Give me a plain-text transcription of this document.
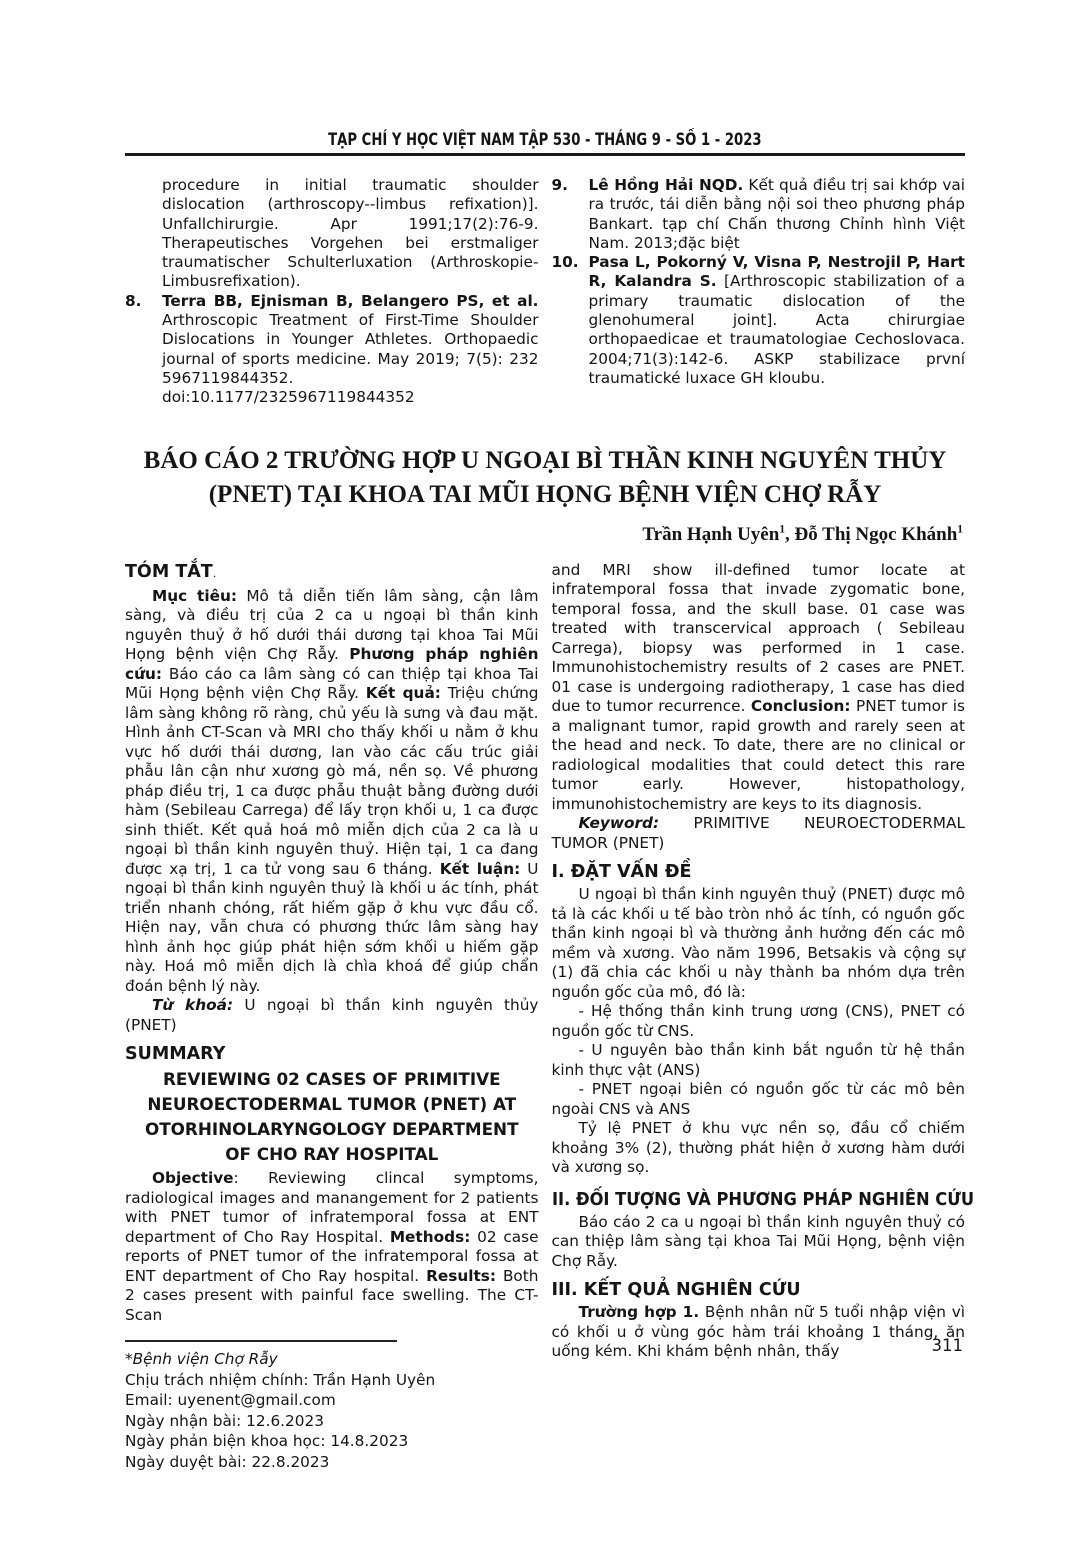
TẠP CHÍ Y HỌC VIỆT NAM TẬP 530 - THÁNG 9 - SỐ 1 - 2023
procedure in initial traumatic shoulder dislocation (arthroscopy--limbus refixation)]. Unfallchirurgie. Apr 1991;17(2):76-9. Therapeutisches Vorgehen bei erstmaliger traumatischer Schulterluxation (Arthroskopie-Limbusrefixation).
8.	Terra BB, Ejnisman B, Belangero PS, et al. Arthroscopic Treatment of First-Time Shoulder Dislocations in Younger Athletes. Orthopaedic journal of sports medicine. May 2019; 7(5): 232 5967119844352. doi:10.1177/2325967119844352
9.	Lê Hồng Hải NQD. Kết quả điều trị sai khớp vai ra trước, tái diễn bằng nội soi theo phương pháp Bankart. tạp chí Chấn thương Chỉnh hình Việt Nam. 2013;đặc biệt
10. Pasa L, Pokorný V, Visna P, Nestrojil P, Hart R, Kalandra S. [Arthroscopic stabilization of a primary traumatic dislocation of the glenohumeral joint]. Acta chirurgiae orthopaedicae et traumatologiae Cechoslovaca. 2004;71(3):142-6. ASKP stabilizace první traumatické luxace GH kloubu.
BÁO CÁO 2 TRƯỜNG HỢP U NGOẠI BÌ THẦN KINH NGUYÊN THỦY
(PNET) TẠI KHOA TAI MŨI HỌNG BỆNH VIỆN CHỢ RẪY
Trần Hạnh Uyên$^1$, Đỗ Thị Ngọc Khánh$^1$
TÓM TẮT.

Mục tiêu: Mô tả diễn tiến lâm sàng, cận lâm sàng, và điều trị của 2 ca u ngoại bì thần kinh nguyên thuỷ ở hố dưới thái dương tại khoa Tai Mũi Họng bệnh viện Chợ Rẫy. Phương pháp nghiên cứu: Báo cáo ca lâm sàng có can thiệp tại khoa Tai Mũi Họng bệnh viện Chợ Rẫy. Kết quả: Triệu chứng lâm sàng không rõ ràng, chủ yếu là sưng và đau mặt. Hình ảnh CT-Scan và MRI cho thấy khối u nằm ở khu vực hố dưới thái dương, lan vào các cấu trúc giải phẫu lân cận như xương gò má, nền sọ. Về phương pháp điều trị, 1 ca được phẫu thuật bằng đường dưới hàm (Sebileau Carrega) để lấy trọn khối u, 1 ca được sinh thiết. Kết quả hoá mô miễn dịch của 2 ca là u ngoại bì thần kinh nguyên thuỷ. Hiện tại, 1 ca đang được xạ trị, 1 ca tử vong sau 6 tháng. Kết luận: U ngoại bì thần kinh nguyên thuỷ là khối u ác tính, phát triển nhanh chóng, rất hiếm gặp ở khu vực đầu cổ. Hiện nay, vẫn chưa có phương thức lâm sàng hay hình ảnh học giúp phát hiện sớm khối u hiếm gặp này. Hoá mô miễn dịch là chìa khoá để giúp chẩn đoán bệnh lý này.

Từ khoá: U ngoại bì thần kinh nguyên thủy (PNET)

SUMMARY
REVIEWING 02 CASES OF PRIMITIVE
NEUROECTODERMAL TUMOR (PNET) AT
OTORHINOLARYNGOLOGY DEPARTMENT
OF CHO RAY HOSPITAL

Objective: Reviewing clincal symptoms, radiological images and manangement for 2 patients with PNET tumor of infratemporal fossa at ENT department of Cho Ray Hospital. Methods: 02 case reports of PNET tumor of the infratemporal fossa at ENT department of Cho Ray hospital. Results: Both 2 cases present with painful face swelling. The CT-Scan

*Bệnh viện Chợ Rẫy
Chịu trách nhiệm chính: Trần Hạnh Uyên
Email: uyenent@gmail.com
Ngày nhận bài: 12.6.2023
Ngày phản biện khoa học: 14.8.2023
Ngày duyệt bài: 22.8.2023

and MRI show ill-defined tumor locate at infratemporal fossa that invade zygomatic bone, temporal fossa, and the skull base. 01 case was treated with transcervical approach ( Sebileau Carrega), biopsy was performed in 1 case. Immunohistochemistry results of 2 cases are PNET. 01 case is undergoing radiotherapy, 1 case has died due to tumor recurrence. Conclusion: PNET tumor is a malignant tumor, rapid growth and rarely seen at the head and neck. To date, there are no clinical or radiological modalities that could detect this rare tumor early. However, histopathology, immunohistochemistry are keys to its diagnosis.

Keyword: PRIMITIVE NEUROECTODERMAL TUMOR (PNET)

I. ĐẶT VẤN ĐỀ

U ngoại bì thần kinh nguyên thuỷ (PNET) được mô tả là các khối u tế bào tròn nhỏ ác tính, có nguồn gốc thần kinh ngoại bì và thường ảnh hưởng đến các mô mềm và xương. Vào năm 1996, Betsakis và cộng sự (1) đã chia các khối u này thành ba nhóm dựa trên nguồn gốc của mô, đó là:

- Hệ thống thần kinh trung ương (CNS), PNET có nguồn gốc từ CNS.

- U nguyên bào thần kinh bắt nguồn từ hệ thần kinh thực vật (ANS)

- PNET ngoại biên có nguồn gốc từ các mô bên ngoài CNS và ANS

Tỷ lệ PNET ở khu vực nền sọ, đầu cổ chiếm khoảng 3% (2), thường phát hiện ở xương hàm dưới và xương sọ.

II. ĐỐI TƯỢNG VÀ PHƯƠNG PHÁP NGHIÊN CỨU

Báo cáo 2 ca u ngoại bì thần kinh nguyên thuỷ có can thiệp lâm sàng tại khoa Tai Mũi Họng, bệnh viện Chợ Rẫy.

III. KẾT QUẢ NGHIÊN CỨU

Trường hợp 1. Bệnh nhân nữ 5 tuổi nhập viện vì có khối u ở vùng góc hàm trái khoảng 1 tháng, ăn uống kém. Khi khám bệnh nhân, thấy	311
